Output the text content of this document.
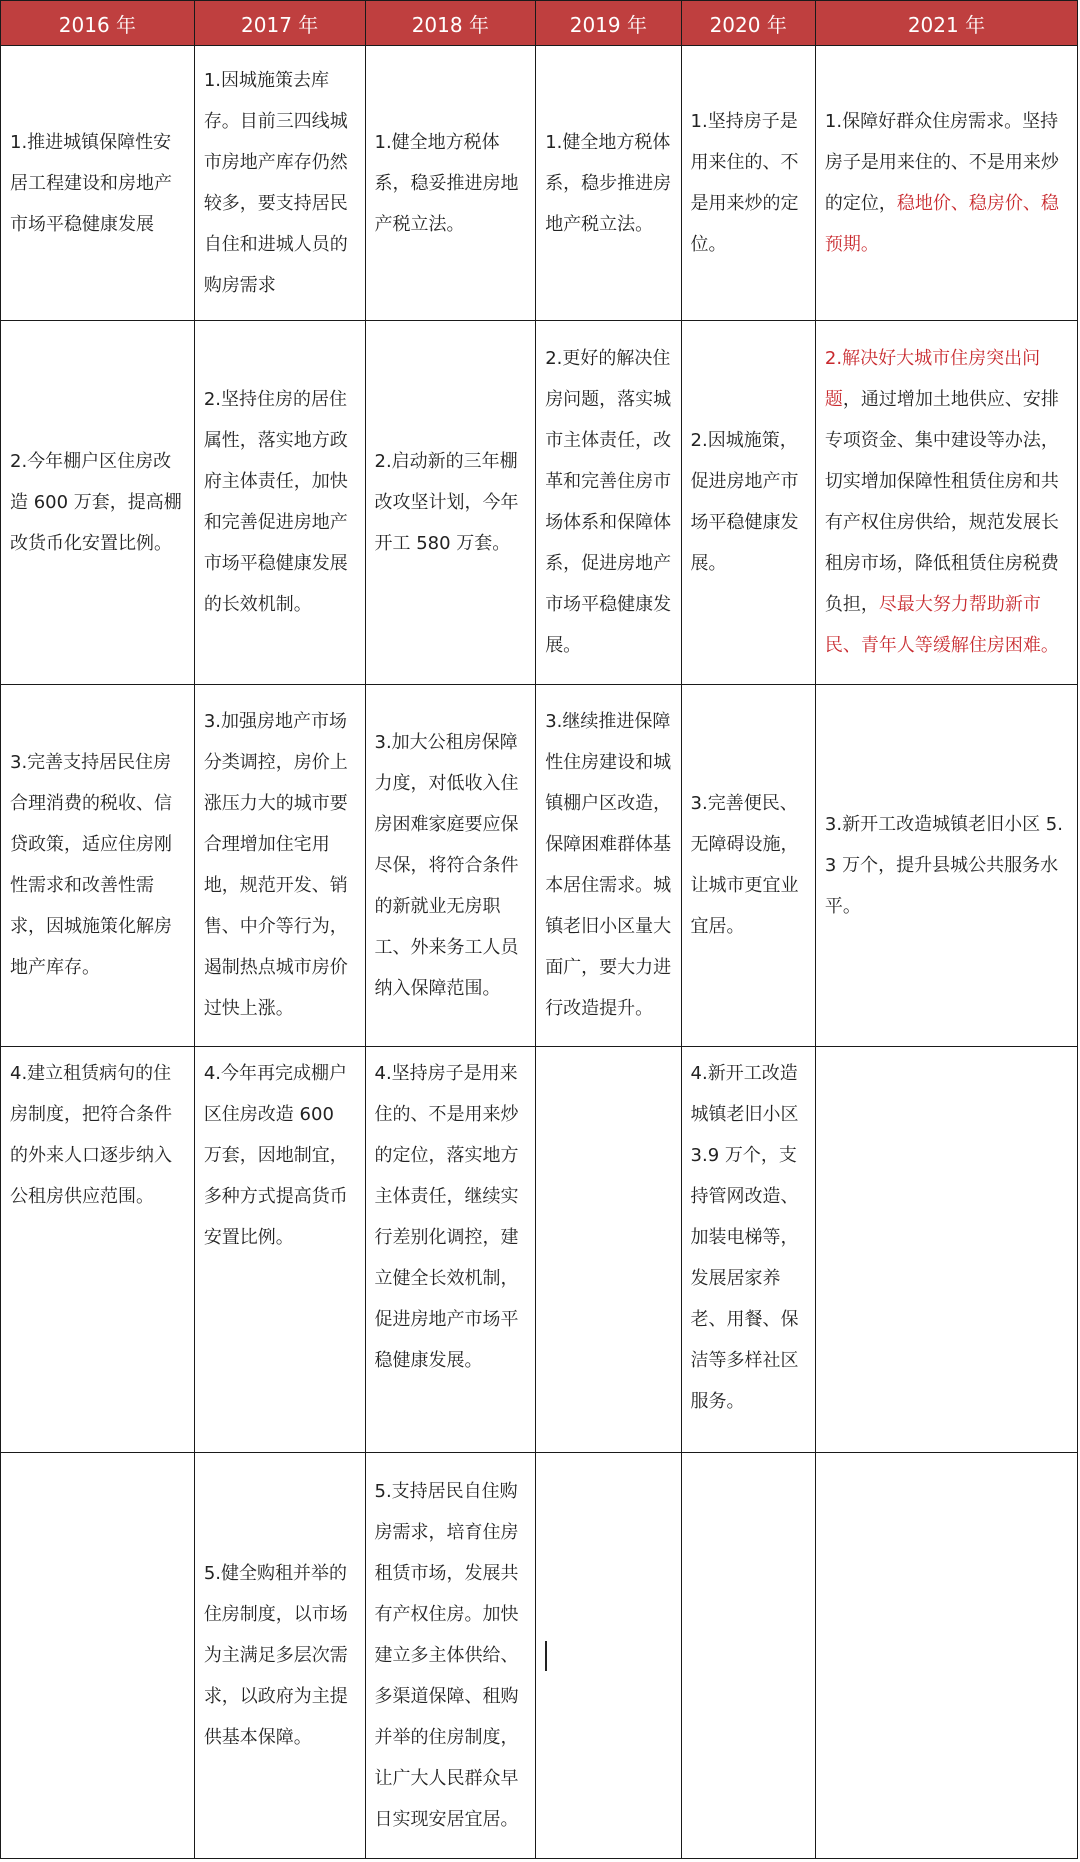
2016 年	2017 年	2018 年	2019 年	2020 年	2021 年
1.推进城镇保障性安居工程建设和房地产市场平稳健康发展	1.因城施策去库存。目前三四线城市房地产库存仍然较多，要支持居民自住和进城人员的购房需求	1.健全地方税体系，稳妥推进房地产税立法。	1.健全地方税体系，稳步推进房地产税立法。	1.坚持房子是用来住的、不是用来炒的定位。	1.保障好群众住房需求。坚持房子是用来住的、不是用来炒的定位，稳地价、稳房价、稳预期。
2.今年棚户区住房改造 600 万套，提高棚改货币化安置比例。	2.坚持住房的居住属性，落实地方政府主体责任，加快和完善促进房地产市场平稳健康发展的长效机制。	2.启动新的三年棚改攻坚计划，今年开工 580 万套。	2.更好的解决住房问题，落实城市主体责任，改革和完善住房市场体系和保障体系，促进房地产市场平稳健康发展。	2.因城施策，促进房地产市场平稳健康发展。	2.解决好大城市住房突出问题，通过增加土地供应、安排专项资金、集中建设等办法，切实增加保障性租赁住房和共有产权住房供给，规范发展长租房市场，降低租赁住房税费负担，尽最大努力帮助新市民、青年人等缓解住房困难。
3.完善支持居民住房合理消费的税收、信贷政策，适应住房刚性需求和改善性需求，因城施策化解房地产库存。	3.加强房地产市场分类调控，房价上涨压力大的城市要合理增加住宅用地，规范开发、销售、中介等行为，遏制热点城市房价过快上涨。	3.加大公租房保障力度，对低收入住房困难家庭要应保尽保，将符合条件的新就业无房职工、外来务工人员纳入保障范围。	3.继续推进保障性住房建设和城镇棚户区改造，保障困难群体基本居住需求。城镇老旧小区量大面广，要大力进行改造提升。	3.完善便民、无障碍设施，让城市更宜业宜居。	3.新开工改造城镇老旧小区 5.3 万个，提升县城公共服务水平。
4.建立租赁病句的住房制度，把符合条件的外来人口逐步纳入公租房供应范围。	4.今年再完成棚户区住房改造 600 万套，因地制宜，多种方式提高货币安置比例。	4.坚持房子是用来住的、不是用来炒的定位，落实地方主体责任，继续实行差别化调控，建立健全长效机制，促进房地产市场平稳健康发展。		4.新开工改造城镇老旧小区 3.9 万个，支持管网改造、加装电梯等，发展居家养老、用餐、保洁等多样社区服务。	
	5.健全购租并举的住房制度，以市场为主满足多层次需求，以政府为主提供基本保障。	5.支持居民自住购房需求，培育住房租赁市场，发展共有产权住房。加快建立多主体供给、多渠道保障、租购并举的住房制度，让广大人民群众早日实现安居宜居。			
